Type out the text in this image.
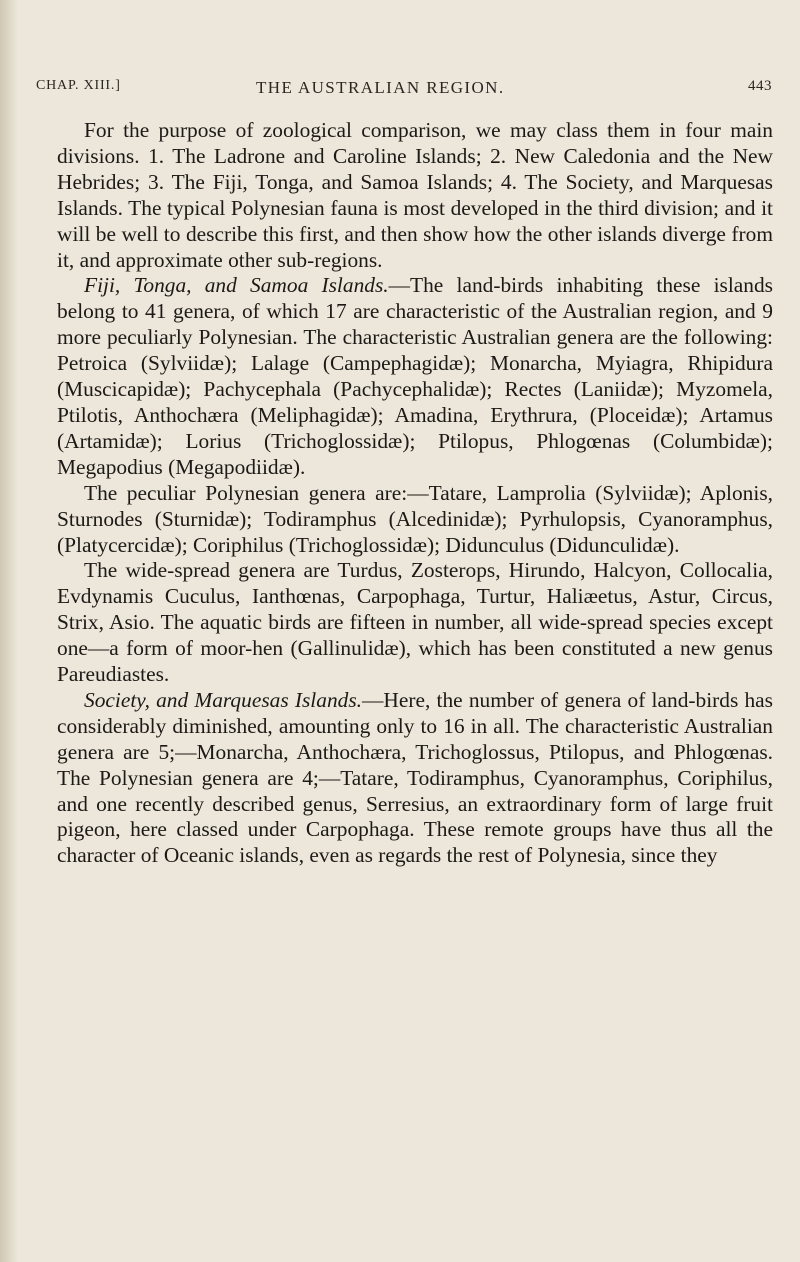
CHAP. XIII.]	THE AUSTRALIAN REGION.	443

For the purpose of zoological comparison, we may class them in four main divisions. 1. The Ladrone and Caroline Islands; 2. New Caledonia and the New Hebrides; 3. The Fiji, Tonga, and Samoa Islands; 4. The Society, and Marquesas Islands. The typical Polynesian fauna is most developed in the third division; and it will be well to describe this first, and then show how the other islands diverge from it, and approximate other sub-regions.

Fiji, Tonga, and Samoa Islands.—The land-birds inhabiting these islands belong to 41 genera, of which 17 are characteristic of the Australian region, and 9 more peculiarly Polynesian. The characteristic Australian genera are the following: Petroica (Sylviidæ); Lalage (Campephagidæ); Monarcha, Myiagra, Rhipidura (Muscicapidæ); Pachycephala (Pachycephalidæ); Rectes (Laniidæ); Myzomela, Ptilotis, Anthochæra (Meliphagidæ); Amadina, Erythrura, (Ploceidæ); Artamus (Artamidæ); Lorius (Trichoglossidæ); Ptilopus, Phlogœnas (Columbidæ); Megapodius (Megapodiidæ).

The peculiar Polynesian genera are:—Tatare, Lamprolia (Sylviidæ); Aplonis, Sturnodes (Sturnidæ); Todiramphus (Alcedinidæ); Pyrhulopsis, Cyanoramphus, (Platycercidæ); Coriphilus (Trichoglossidæ); Didunculus (Didunculidæ).

The wide-spread genera are Turdus, Zosterops, Hirundo, Halcyon, Collocalia, Evdynamis Cuculus, Ianthœnas, Carpophaga, Turtur, Haliæetus, Astur, Circus, Strix, Asio. The aquatic birds are fifteen in number, all wide-spread species except one—a form of moor-hen (Gallinulidæ), which has been constituted a new genus Pareudiastes.

Society, and Marquesas Islands.—Here, the number of genera of land-birds has considerably diminished, amounting only to 16 in all. The characteristic Australian genera are 5;—Monarcha, Anthochæra, Trichoglossus, Ptilopus, and Phlogœnas. The Polynesian genera are 4;—Tatare, Todiramphus, Cyanoramphus, Coriphilus, and one recently described genus, Serresius, an extraordinary form of large fruit pigeon, here classed under Carpophaga. These remote groups have thus all the character of Oceanic islands, even as regards the rest of Polynesia, since they
